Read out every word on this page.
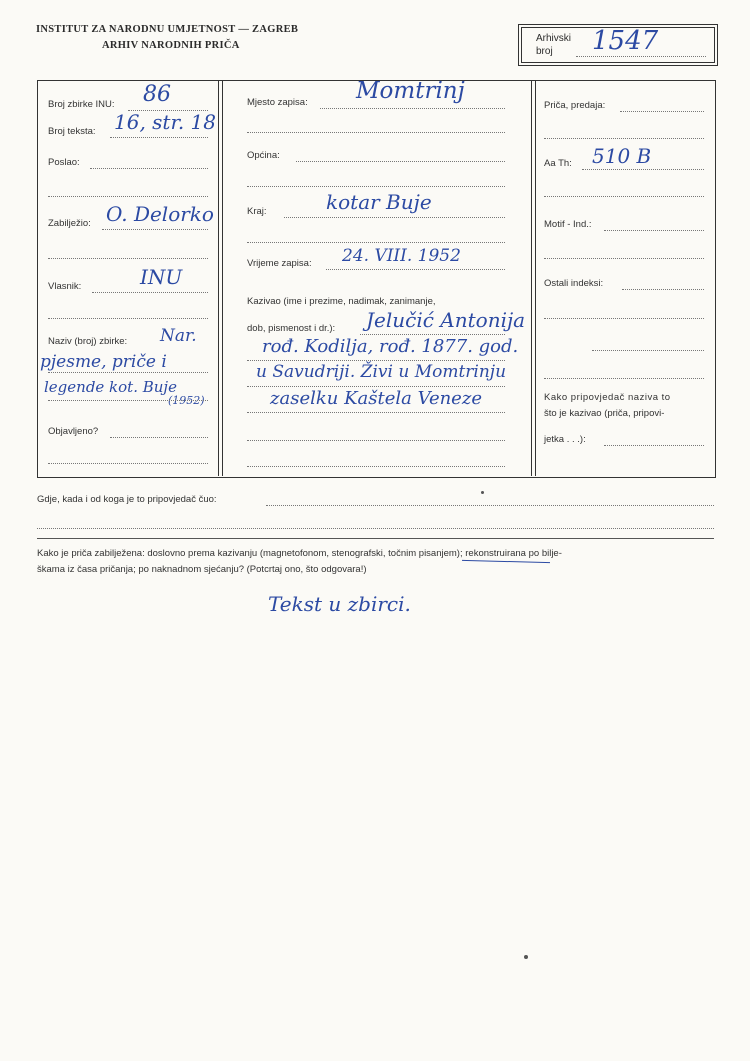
INSTITUT ZA NARODNU UMJETNOST — ZAGREB
ARHIV NARODNIH PRIČA
Arhivski
broj	1547
Broj zbirke INU: 86
Broj teksta: 16, str. 18
Poslao:
Zabilježio: O. Delorko
Vlasnik:	INU
Naziv (broj) zbirke: Nar.
pjesme, priče i
legende kot. Buje
(1952)
Objavljeno?
Mjesto zapisa: Momtrinj
Općina:
Kraj:	kotar Buje
Vrijeme zapisa: 24. VIII. 1952
Kazivao (ime i prezime, nadimak, zanimanje,
dob, pismenost i dr.): Jelučić Antonija
rođ. Kodilja, rođ. 1877. god.
u Savudriji. Živi u Momtrinju
zaselku Kaštela Veneze
Priča, predaja:
Aa Th: 510 B
Motif - Ind.:
Ostali indeksi:
Kako pripovjedač naziva to
što je kazivao (priča, pripovi-
jetka . . .):
Gdje, kada i od koga je to pripovjedač čuo:
Kako je priča zabilježena: doslovno prema kazivanju (magnetofonom, stenografski, točnim pisanjem); rekonstruirana po bilje-
škama iz časa pričanja; po naknadnom sjećanju? (Potcrtaj ono, što odgovara!)
Tekst u zbirci.
